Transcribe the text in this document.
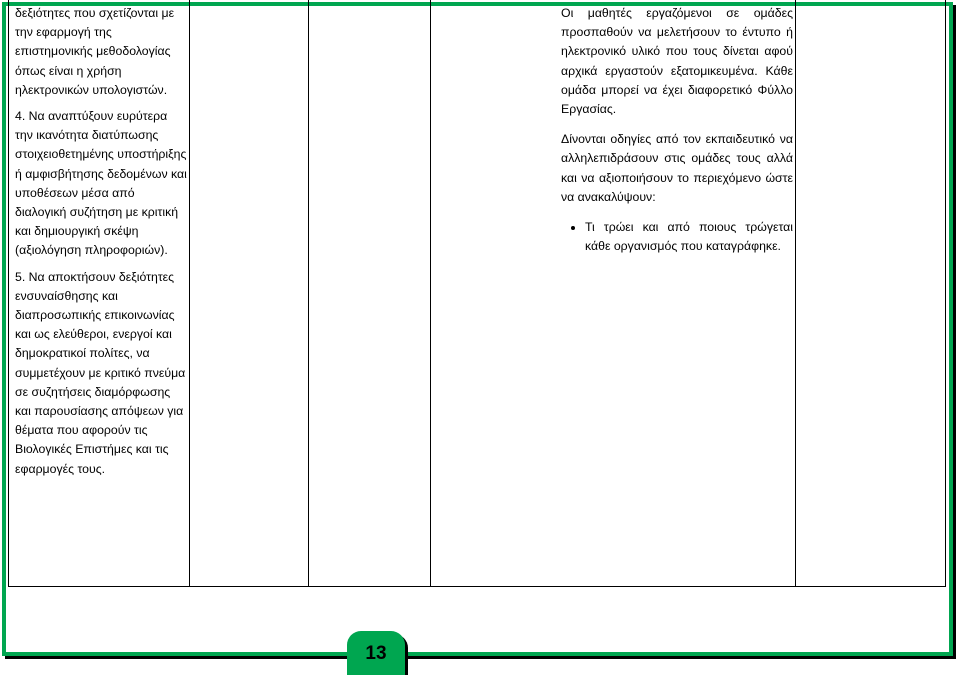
δεξιότητες που σχετίζονται με την εφαρμογή της επιστημονικής μεθοδολογίας όπως είναι η χρήση ηλεκτρονικών υπολογιστών.

4. Να αναπτύξουν ευρύτερα την ικανότητα διατύπωσης στοιχειοθετημένης υποστήριξης ή αμφισβήτησης δεδομένων και υποθέσεων μέσα από διαλογική συζήτηση με κριτική και δημιουργική σκέψη (αξιολόγηση πληροφοριών).

5. Να αποκτήσουν δεξιότητες ενσυναίσθησης και διαπροσωπικής επικοινωνίας και ως ελεύθεροι, ενεργοί και δημοκρατικοί πολίτες, να συμμετέχουν με κριτικό πνεύμα σε συζητήσεις διαμόρφωσης και παρουσίασης απόψεων για θέματα που αφορούν τις Βιολογικές Επιστήμες και τις εφαρμογές τους.

Οι μαθητές εργαζόμενοι σε ομάδες προσπαθούν να μελετήσουν το έντυπο ή ηλεκτρονικό υλικό που τους δίνεται αφού αρχικά εργαστούν εξατομικευμένα. Κάθε ομάδα μπορεί να έχει διαφορετικό Φύλλο Εργασίας.

Δίνονται οδηγίες από τον εκπαιδευτικό να αλληλεπιδράσουν στις ομάδες τους αλλά και να αξιοποιήσουν το περιεχόμενο ώστε να ανακαλύψουν:

• Τι τρώει και από ποιους τρώγεται κάθε οργανισμός που καταγράφηκε.
13
